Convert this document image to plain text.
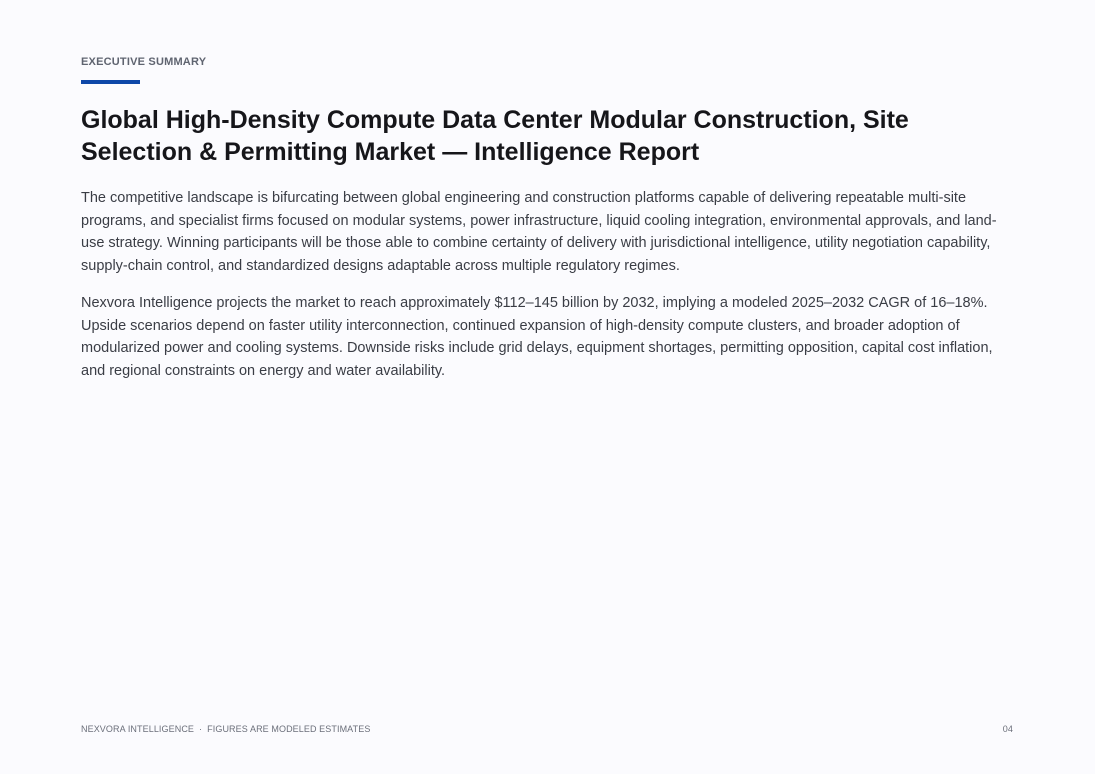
EXECUTIVE SUMMARY
Global High-Density Compute Data Center Modular Construction, Site Selection & Permitting Market — Intelligence Report

The competitive landscape is bifurcating between global engineering and construction platforms capable of delivering repeatable multi-site programs, and specialist firms focused on modular systems, power infrastructure, liquid cooling integration, environmental approvals, and land-use strategy. Winning participants will be those able to combine certainty of delivery with jurisdictional intelligence, utility negotiation capability, supply-chain control, and standardized designs adaptable across multiple regulatory regimes.

Nexvora Intelligence projects the market to reach approximately $112–145 billion by 2032, implying a modeled 2025–2032 CAGR of 16–18%. Upside scenarios depend on faster utility interconnection, continued expansion of high-density compute clusters, and broader adoption of modularized power and cooling systems. Downside risks include grid delays, equipment shortages, permitting opposition, capital cost inflation, and regional constraints on energy and water availability.

NEXVORA INTELLIGENCE · FIGURES ARE MODELED ESTIMATES	04
